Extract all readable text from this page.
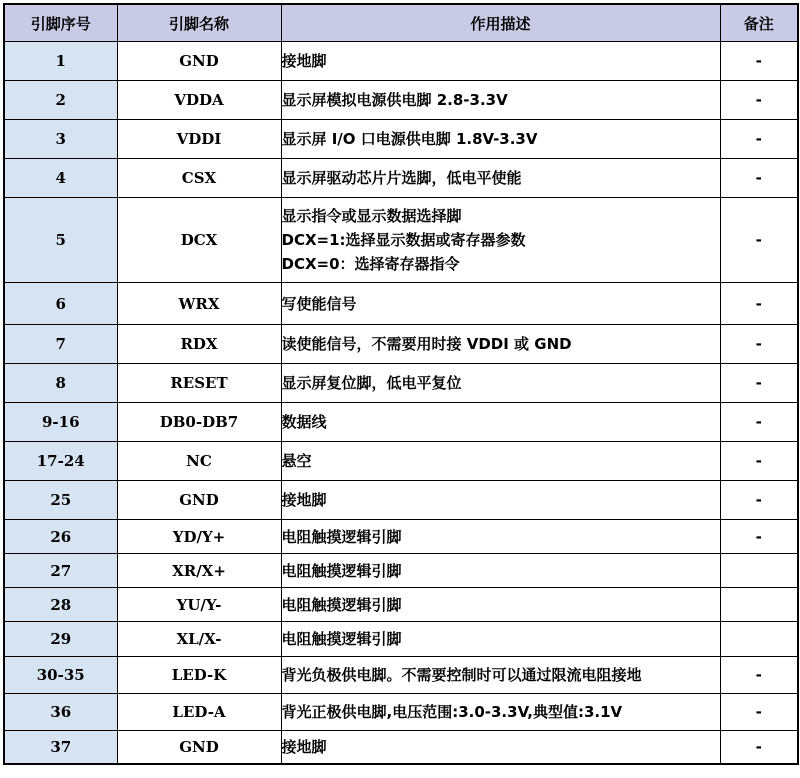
引脚序号	引脚名称	作用描述	备注
1	GND	接地脚	-
2	VDDA	显示屏模拟电源供电脚 2.8-3.3V	-
3	VDDI	显示屏 I/O 口电源供电脚 1.8V-3.3V	-
4	CSX	显示屏驱动芯片片选脚，低电平使能	-
5	DCX	显示指令或显示数据选择脚
DCX=1:选择显示数据或寄存器参数
DCX=0：选择寄存器指令	-
6	WRX	写使能信号	-
7	RDX	读使能信号，不需要用时接 VDDI 或 GND	-
8	RESET	显示屏复位脚，低电平复位	-
9-16	DB0-DB7	数据线	-
17-24	NC	悬空	-
25	GND	接地脚	-
26	YD/Y+	电阻触摸逻辑引脚	-
27	XR/X+	电阻触摸逻辑引脚	

28	YU/Y-	电阻触摸逻辑引脚	

29	XL/X-	电阻触摸逻辑引脚	

30-35	LED-K	背光负极供电脚。不需要控制时可以通过限流电阻接地	-
36	LED-A	背光正极供电脚,电压范围:3.0-3.3V,典型值:3.1V	-
37	GND	接地脚	-
